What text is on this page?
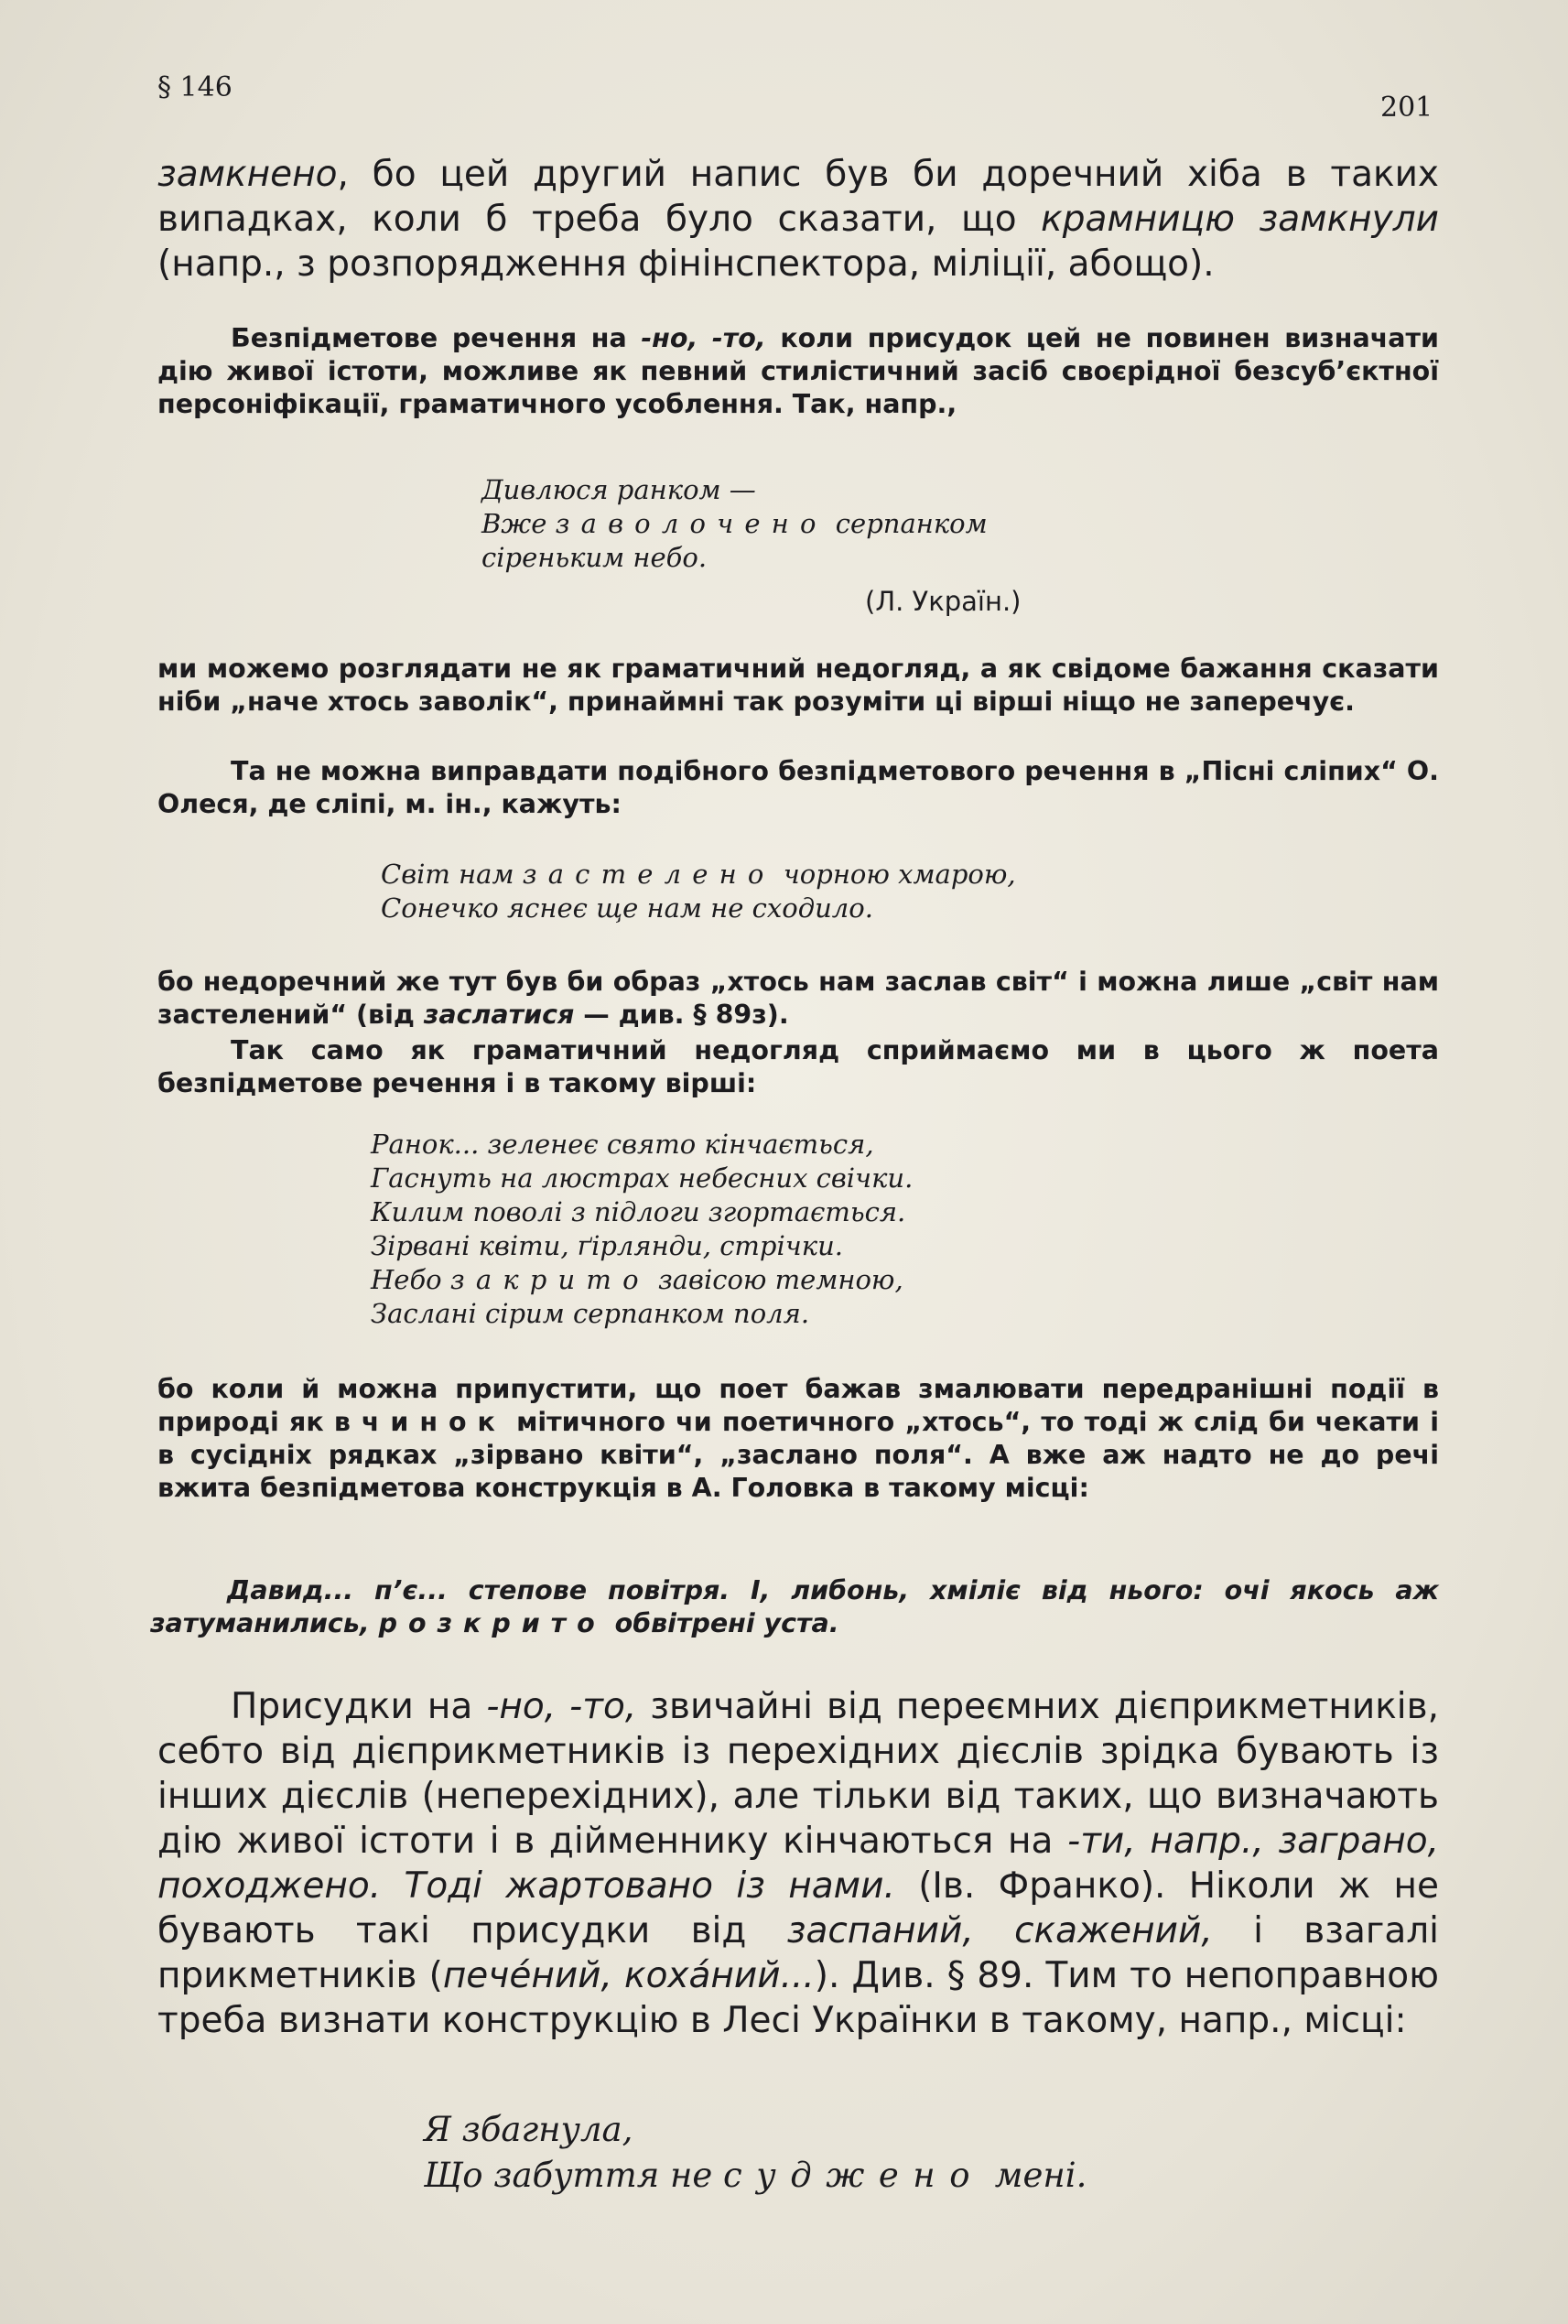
§ 146
201

замкнено, бо цей другий напис був би доречний хіба в таких випадках, коли б треба було сказати, що крамницю замкнули (напр., з розпорядження фінінспектора, міліції, абощо).

Безпідметове речення на -но, -то, коли присудок цей не повинен визначати дію живої істоти, можливе як певний стилістичний засіб своєрідної безсуб’єктної персоніфікації, граматичного усоблення. Так, напр.,

Дивлюся ранком —
Вже заволочено серпанком
сіреньким небо.
(Л. Україн.)

ми можемо розглядати не як граматичний недогляд, а як свідоме бажання сказати ніби „наче хтось заволік“, принаймні так розуміти ці вірші ніщо не заперечує.

Та не можна виправдати подібного безпідметового речення в „Пісні сліпих“ О. Олеся, де сліпі, м. ін., кажуть:

Світ нам застелено чорною хмарою,
Сонечко яснеє ще нам не сходило.

бо недоречний же тут був би образ „хтось нам заслав світ“ і можна лише „світ нам застелений“ (від заслатися — див. § 89з).

Так само як граматичний недогляд сприймаємо ми в цього ж поета безпідметове речення і в такому вірші:

Ранок... зеленеє свято кінчається,
Гаснуть на люстрах небесних свічки.
Килим поволі з підлоги згортається.
Зірвані квіти, ґірлянди, стрічки.
Небо закрито завісою темною,
Заслані сірим серпанком поля.

бо коли й можна припустити, що поет бажав змалювати передранішні події в природі як вчинок мітичного чи поетичного „хтось“, то тоді ж слід би чекати і в сусідніх рядках „зірвано квіти“, „заслано поля“. А вже аж надто не до речі вжита безпідметова конструкція в А. Головка в такому місці:

Давид... п’є... степове повітря. І, либонь, хміліє від нього: очі якось аж затуманились, розкрито обвітрені уста.

Присудки на -но, -то, звичайні від переємних дієприкметників, себто від дієприкметників із перехідних дієслів зрідка бувають із інших дієслів (неперехідних), але тільки від таких, що визначають дію живої істоти і в дійменнику кінчаються на -ти, напр., заграно, походжено. Тоді жартовано із нами. (Ів. Франко). Ніколи ж не бувають такі присудки від заспаний, скажений, і взагалі прикметників (пече́ний, коха́ний...). Див. § 89. Тим то непоправною треба визнати конструкцію в Лесі Українки в такому, напр., місці:

Я збагнула,
Що забуття не суджено мені.
